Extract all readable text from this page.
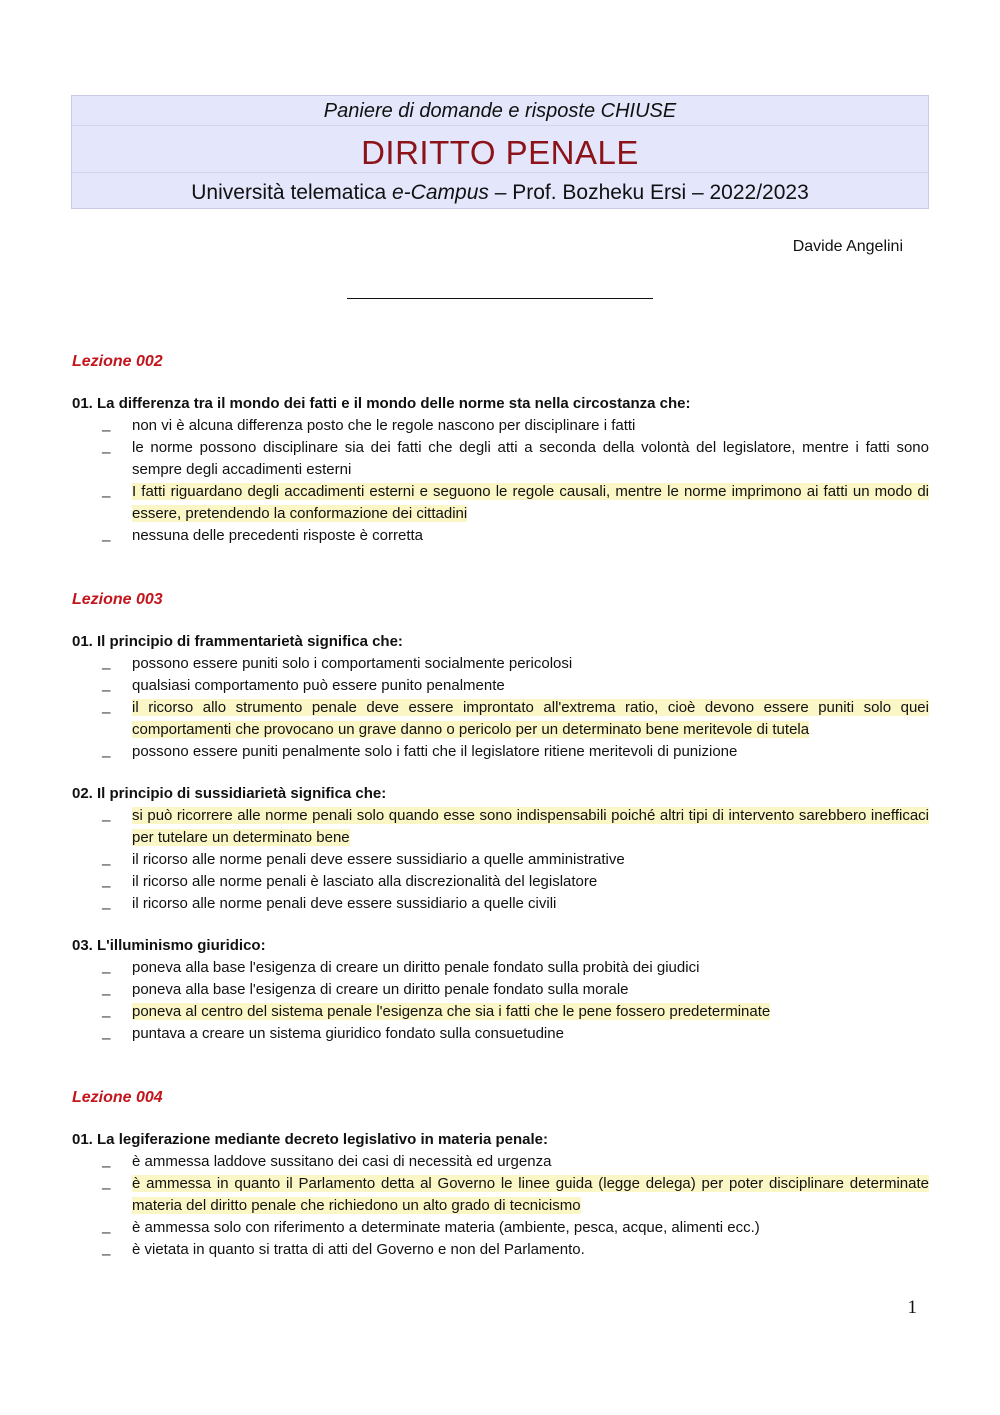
Paniere di domande e risposte CHIUSE
DIRITTO PENALE
Università telematica e-Campus – Prof. Bozheku Ersi – 2022/2023
Davide Angelini
Lezione 002
01. La differenza tra il mondo dei fatti e il mondo delle norme sta nella circostanza che:
▁ non vi è alcuna differenza posto che le regole nascono per disciplinare i fatti
▁ le norme possono disciplinare sia dei fatti che degli atti a seconda della volontà del legislatore, mentre i fatti sono sempre degli accadimenti esterni
▁ I fatti riguardano degli accadimenti esterni e seguono le regole causali, mentre le norme imprimono ai fatti un modo di essere, pretendendo la conformazione dei cittadini
▁ nessuna delle precedenti risposte è corretta
Lezione 003
01. Il principio di frammentarietà significa che:
▁ possono essere puniti solo i comportamenti socialmente pericolosi
▁ qualsiasi comportamento può essere punito penalmente
▁ il ricorso allo strumento penale deve essere improntato all'extrema ratio, cioè devono essere puniti solo quei comportamenti che provocano un grave danno o pericolo per un determinato bene meritevole di tutela
▁ possono essere puniti penalmente solo i fatti che il legislatore ritiene meritevoli di punizione
02. Il principio di sussidiarietà significa che:
▁ si può ricorrere alle norme penali solo quando esse sono indispensabili poiché altri tipi di intervento sarebbero inefficaci per tutelare un determinato bene
▁ il ricorso alle norme penali deve essere sussidiario a quelle amministrative
▁ il ricorso alle norme penali è lasciato alla discrezionalità del legislatore
▁ il ricorso alle norme penali deve essere sussidiario a quelle civili
03. L'illuminismo giuridico:
▁ poneva alla base l'esigenza di creare un diritto penale fondato sulla probità dei giudici
▁ poneva alla base l'esigenza di creare un diritto penale fondato sulla morale
▁ poneva al centro del sistema penale l'esigenza che sia i fatti che le pene fossero predeterminate
▁ puntava a creare un sistema giuridico fondato sulla consuetudine
Lezione 004
01. La legiferazione mediante decreto legislativo in materia penale:
▁ è ammessa laddove sussitano dei casi di necessità ed urgenza
▁ è ammessa in quanto il Parlamento detta al Governo le linee guida (legge delega) per poter disciplinare determinate materia del diritto penale che richiedono un alto grado di tecnicismo
▁ è ammessa solo con riferimento a determinate materia (ambiente, pesca, acque, alimenti ecc.)
▁ è vietata in quanto si tratta di atti del Governo e non del Parlamento.
1
